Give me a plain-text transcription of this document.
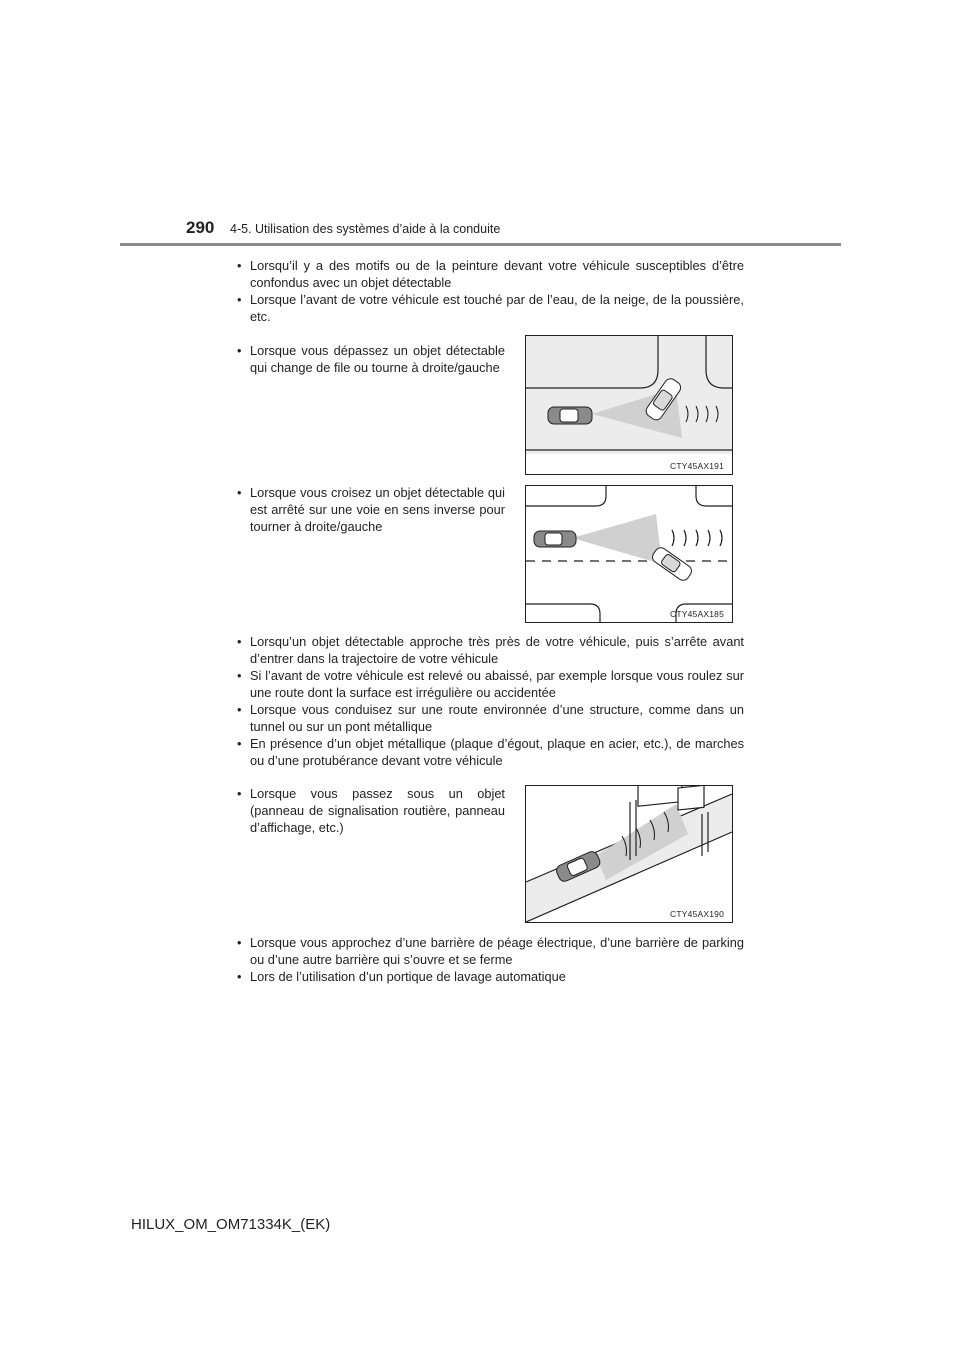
290 4-5. Utilisation des systèmes d’aide à la conduite

• Lorsqu’il y a des motifs ou de la peinture devant votre véhicule susceptibles d’être confondus avec un objet détectable

• Lorsque l’avant de votre véhicule est touché par de l’eau, de la neige, de la poussière, etc.

• Lorsque vous dépassez un objet détectable qui change de file ou tourne à droite/gauche

CTY45AX191

• Lorsque vous croisez un objet détectable qui est arrêté sur une voie en sens inverse pour tourner à droite/gauche

CTY45AX185

• Lorsqu’un objet détectable approche très près de votre véhicule, puis s’arrête avant d’entrer dans la trajectoire de votre véhicule

• Si l’avant de votre véhicule est relevé ou abaissé, par exemple lorsque vous roulez sur une route dont la surface est irrégulière ou accidentée

• Lorsque vous conduisez sur une route environnée d’une structure, comme dans un tunnel ou sur un pont métallique

• En présence d’un objet métallique (plaque d’égout, plaque en acier, etc.), de marches ou d’une protubérance devant votre véhicule

• Lorsque vous passez sous un objet (panneau de signalisation routière, panneau d’affichage, etc.)

CTY45AX190

• Lorsque vous approchez d’une barrière de péage électrique, d’une barrière de parking ou d’une autre barrière qui s’ouvre et se ferme

• Lors de l’utilisation d’un portique de lavage automatique

HILUX_OM_OM71334K_(EK)
